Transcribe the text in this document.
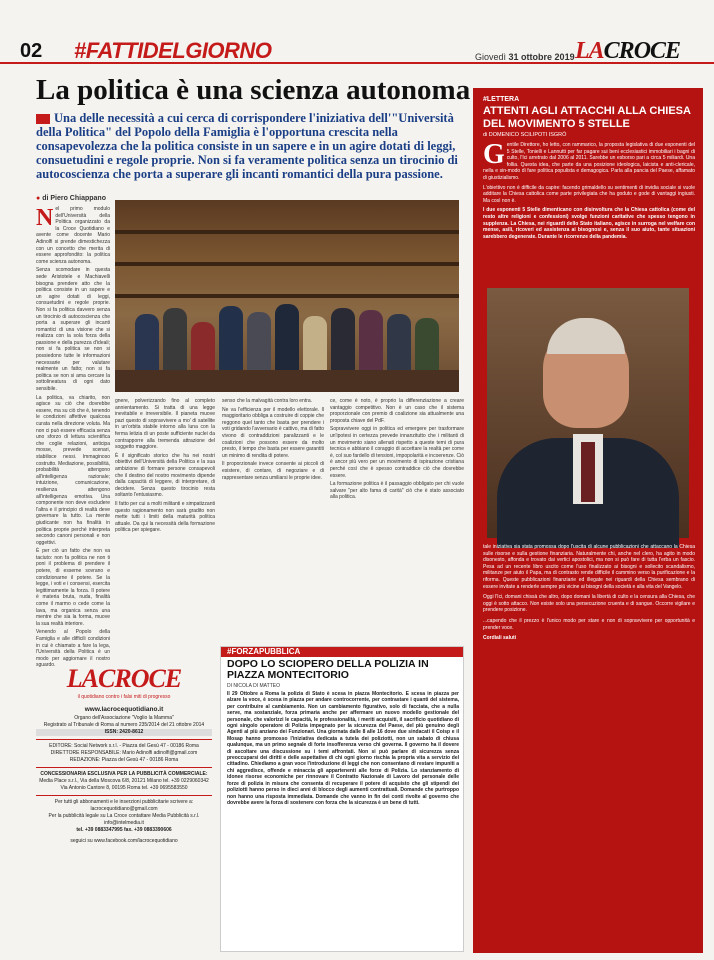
02 #FATTIDELGIORNO	Giovedì 31 ottobre 2019 LACROCE
La politica è una scienza autonoma

Una delle necessità a cui cerca di corrispondere l'iniziativa dell'"Università della Politica" del Popolo della Famiglia è l'opportuna crescita nella consapevolezza che la politica consiste in un sapere e in un agire dotati di leggi, consuetudini e regole proprie. Non si fa veramente politica senza un tirocinio di autocoscienza che porta a superare gli incanti romantici della pura passione.

● di Piero Chiappano

Nel primo modulo dell'Università della Politica organizzato da la Croce Quotidiano e avente come docente Mario Adinolfi si prende dimestichezza con un concetto che merita di essere approfondito: la politica come scienza autonoma.

Senza scomodare in questa sede Aristotele e Machiavelli bisogna prendere atto che la politica consiste in un sapere e un agire dotati di leggi, consuetudini e regole proprie. Non si fa politica davvero senza un tirocinio di autocoscienza che porta a superare gli incanti romantici di una visione che si realizza con la sola forza della passione e della purezza d'ideali; non si fa politica se non si possiedono tutte le informazioni necessarie per valutare realmente un fatto; non si fa politica se non si ama cercare la sottolineatura di ogni dato sensibile.

La politica, va chiarito, non agisce su ciò che dovrebbe essere, ma su ciò che è, tenendo le condizioni affettive qualcosa curata nella direzione voluta. Ma non ci può essere efficacia senza uno sforzo di lettura scientifica che coglie relazioni, anticipa mosse, prevede scenari, stabilisce nessi. Immaginoso costrutto. Mediazione, possibilità, probabilità attengono all'intelligenza razionale; intuizione, comunicazione, resilienza attengono all'intelligenza emotiva. Una componente non deve escludere l'altra e il principio di realtà deve governare la tutto. La mente giudicante non ha finalità in politica proprie perché interpreta secondo canoni personali e non oggettivi.

È per ciò un fatto che non va taciuto: non fa politica ne non ti poni il problema di prendere il potere, di esserne sovrano e condizionarne il potere. Se la legge, i voti e i consensi, esercita legittimamente la forza. Il potere è materia bruta, nuda, finalità come il marmo o cede come la lava, ma organica senza una mentre che sia la forma, muove la sua realtà interiore.

Venendo al Popolo della Famiglia e alle difficili condizioni in cui è chiamato a fare la lega, l'Università della Politica è un modo per aggiornare il nostro sguardo.

gnere, polverizzando fino al completo annientamento. Si tratta di una legge inevitabile e irreversibile. Il pianeta muove pazi questo di sopravvivere a mo' di satellite in un'orbita stabile intorno alla luna con la ferma letizia di un poste sufficiente nuclei da contrapporre alla tremenda attrazione del soggetto maggiore.

È il significato storico che ha nei nostri obiettivi dell'Università della Politica e la sua ambizione di formare persone consapevoli che il destino del nostro movimento dipende dalla capacità di leggere, di interpretare, di decidere. Senza questo tirocinio resta soltanto l'entusiasmo.

Il fatto per cui a molti militanti e simpatizzanti questo ragionamento non sarà gradito non mette tutti i limiti della maturità politica attuale. Da qui la necessità della formazione politica per spiegare.

senso che la malvagità contra loro entra.

Ne va l'efficienza per il modello elettorale. Il maggioritario obbliga a costruire di coppie che reggono quel tanto che basta per prendere i voti gridando l'avversario è cattivo, ma di fatto vivono di contraddizioni paralizzanti e le coalizioni che possono essere da molto presto, il tempo che basta per essere garantiti un minimo di rendita di potere.

Il proporzionale invece consente ai piccoli di esistere, di contare, di negoziare e di rappresentare senza umiliarsi le proprie idee.

ce, come è noto, è proprio la differenziazione a creare vantaggio competitivo. Non è un caso che il sistema proporzionale con premio di coalizione sia attualmente una proposta chiave del PdF.

Sopravvivere oggi in politica ed emergere per trasformare un'ipotesi in certezza prevede innanzitutto che i militanti di un movimento siano allenati rispetto a queste temi di pura tecnica e abbiano il coraggio di accettare la realtà per come è, col suo fardello di tensioni, impopolarità e incoerenze. Ciò è ancor più vero per un movimento di ispirazione cristiana perché così che è spesso contraddice ciò che dovrebbe essere.

La formazione politica è il passaggio obbligato per chi vuole salvare "per alto fama di carità" ciò che è stato associato alla politica.

LACROCE
il quotidiano contro i falsi miti di progresso
www.lacrocequotidiano.it
Organo dell'Associazione "Voglio la Mamma"
Registrato al Tribunale di Roma al numero 235/2014 del 21 ottobre 2014
ISSN: 2420-8612
EDITORE: Social Network s.r.l. - Piazza del Gesù 47 - 00186 Roma
DIRETTORE RESPONSABILE: Mario Adinolfi adinolfi@gmail.com
REDAZIONE: Piazza del Gesù 47 - 00186 Roma
CONCESSIONARIA ESCLUSIVA PER LA PUBBLICITÀ COMMERCIALE:
Media Place s.r.l., Via della Moscova 6/8, 20121 Milano tel. +39 0229060342
Via Antonio Cantore 8, 00195 Roma tel. +39 0695583550
Per tutti gli abbonamenti e le inserzioni pubblicitarie scrivere a: lacrocequotidiano@gmail.com
Per la pubblicità legale su La Croce contattare Media Pubblicità s.r.l. info@intelmedia.it
tel. +39 0883347995 fax. +39 0883390606
seguici su www.facebook.com/lacrocequotidiano
#FORZAPUBBLICA
DOPO LO SCIOPERO DELLA POLIZIA IN PIAZZA MONTECITORIO
DI NICOLA DI MATTEO
Il 29 Ottobre a Roma la polizia di Stato è scesa in piazza Montecitorio. E scesa in piazza per alzare la voce, è scesa in piazza per andare controcorrente, per contrastare i quanti del sistema, per contribuire al cambiamento. Non un cambiamento figurativo, solo di facciata, che a nulla serve, ma sostanziale, forza primaria anche per affermare un nuovo modello gestionale del personale, che valorizzi le capacità, le professionalità, i meriti acquisiti, il sacrificio quotidiano di ogni singolo operatore di Polizia impegnato per la sicurezza del Paese, del più genuino degli Agenti al più anziano dei Funzionari. Una giornata dalle 8 alle 16 dove due sindacati il Coisp e il Mosap hanno promosso l'iniziativa dedicata a tutela dei poliziotti, non un sabato di chiusa qualunque, ma un primo segnale di forte insofferenza verso chi governa. Il governo ha il dovere di ascoltare una discussione su i temi affrontati. Non si può parlare di sicurezza senza preoccuparsi dei diritti e delle aspettative di chi ogni giorno rischia la propria vita a servizio del cittadino. Chiediamo a gran voce l'introduzione di leggi che non consentano di restare impuniti a chi aggredisce, offende e minaccia gli appartenenti alle forze di Polizia. Lo stanziamento di idonee risorse economiche per rinnovare il Contratto Nazionale di Lavoro del personale delle forze di polizia in misura che consenta di recuperare il potere di acquisto che gli stipendi dei poliziotti hanno perso in dieci anni di blocco degli aumenti contrattuali. Domande che purtroppo non hanno una risposta immediata. Domande che vanno in fin dei conti rivolte al governo che dovrebbe avere la forza di sostenere con forza che la sicurezza è un bene di tutti.
#LETTERA
ATTENTI AGLI ATTACCHI ALLA CHIESA DEL MOVIMENTO 5 STELLE
di DOMENICO SCILIPOTI ISGRÒ

Gentile Direttore, ho letto, con rammarico, la proposta legislativa di due esponenti del 5 Stelle, Tonielli e Lannutti per far pagare sui beni ecclesiastici immobiliari i bagni di culto, l'Ici arretrato dal 2006 al 2011. Sarebbe un esborso pari a circa 5 miliardi. Una follia. Questa idea, che parte da una posizione ideologica, laicista e anti-clericale, nella e sin-modo di fare politica populista e demagogica. Parla alla pancia del Paese, affamato di giustizialismo.

L'obiettivo non è difficile da capire: facendo grimaldello su sentimenti di invidia sociale si vuole additare la Chiesa cattolica come parte privilegiata che ha goduto e gode di vantaggi ingiusti. Ma così non è.

I due esponenti 5 Stelle dimenticano con disinvoltura che la Chiesa cattolica (come del resto altre religioni e confessioni) svolge funzioni caritative che spesso tengono in supplenza. La Chiesa, nei riguardi dello Stato italiano, agisce in surroga nel welfare con mense, asili, ricoveri ed assistenza ai bisognosi e, senza il suo aiuto, tante situazioni sarebbero degenerate. Durante le ricorrenze della pandemia.

tale iniziativa sia stata promossa dopo l'uscita di alcune pubblicazioni che attaccano la Chiesa sulle risorse e sulla gestione finanziaria. Naturalmente chi, anche nel clero, ha agito in modo disonesto, affonda e trovato dai vertici apostolici, ma non si può fare di tutta l'erba un fascio. Pesa ad un recente libro uscito come l'uso finalizzato ai bisogni e sollecito scandalismo, militanze per aiuto il Papa, ma di contrasto rende difficile il cammino verso la purificazione e la riforma. Queste pubblicazioni finanziarie ed illegate nei riguardi della Chiesa sembrano di essere invitate a renderle sempre più vicine ai bisogni della società e alla vita del Vangelo.

Oggi l'Ici, domani chissà che altro, dopo domani la libertà di culto e la censura alla Chiesa, che oggi è sotto attacco. Non esiste solo una persecuzione cruenta e di sangue. Occorre vigilare e prendere posizione.

...capendo che il prezzo è l'unico modo per stare e non di sopravvivere per opportunità e prender voce.

Cordiali saluti
